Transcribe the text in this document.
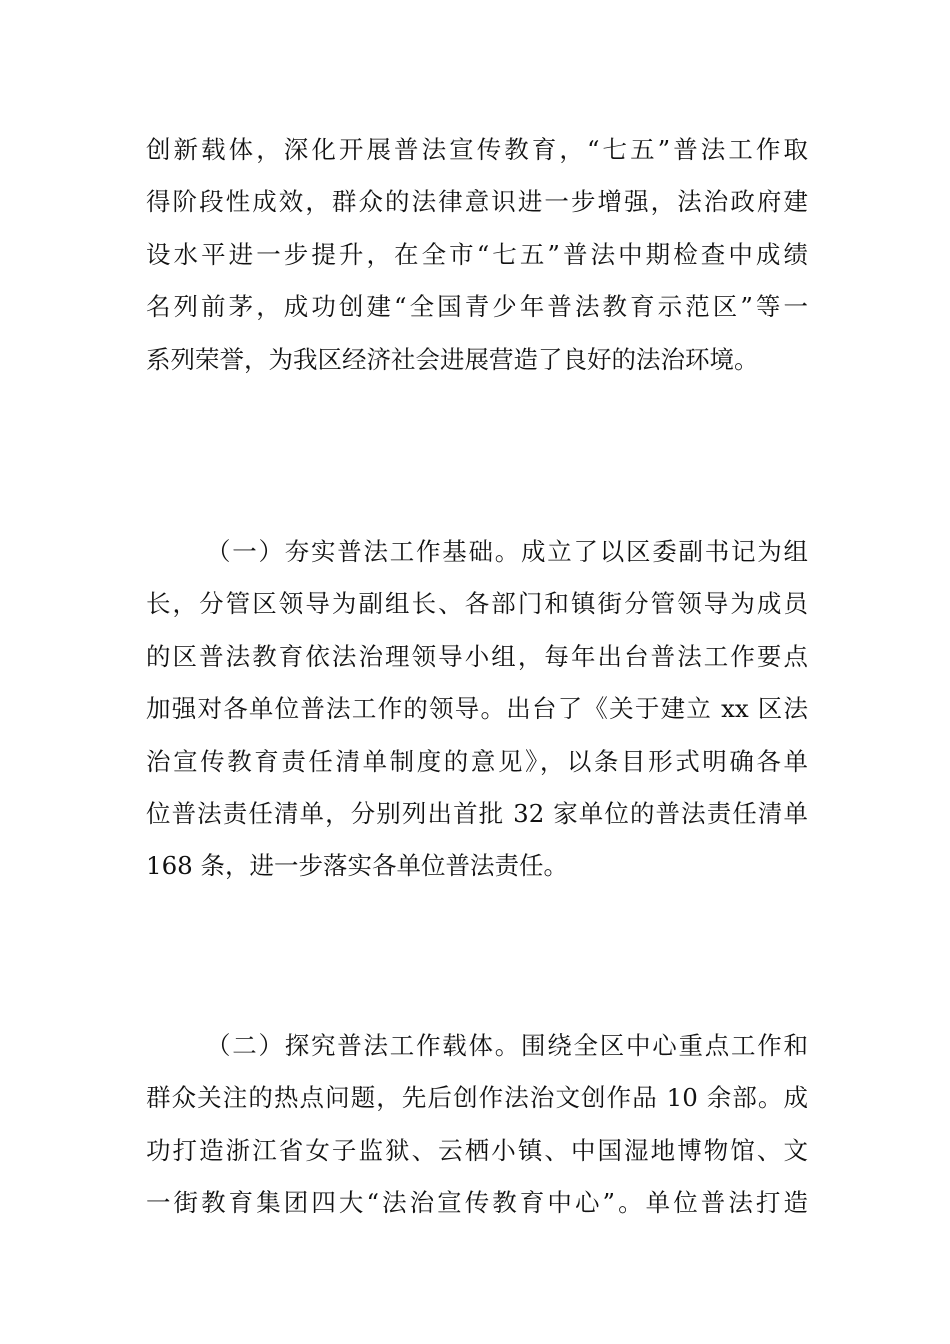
创新载体，深化开展普法宣传教育，“七五”普法工作取
得阶段性成效，群众的法律意识进一步增强，法治政府建
设水平进一步提升，在全市“七五”普法中期检查中成绩
名列前茅，成功创建“全国青少年普法教育示范区”等一
系列荣誉，为我区经济社会进展营造了良好的法治环境。
（一）夯实普法工作基础。成立了以区委副书记为组
长，分管区领导为副组长、各部门和镇街分管领导为成员
的区普法教育依法治理领导小组，每年出台普法工作要点
加强对各单位普法工作的领导。出台了《关于建立 xx 区法
治宣传教育责任清单制度的意见》，以条目形式明确各单
位普法责任清单，分别列出首批 32 家单位的普法责任清单
168 条，进一步落实各单位普法责任。
（二）探究普法工作载体。围绕全区中心重点工作和
群众关注的热点问题，先后创作法治文创作品 10 余部。成
功打造浙江省女子监狱、云栖小镇、中国湿地博物馆、文
一街教育集团四大“法治宣传教育中心”。单位普法打造
